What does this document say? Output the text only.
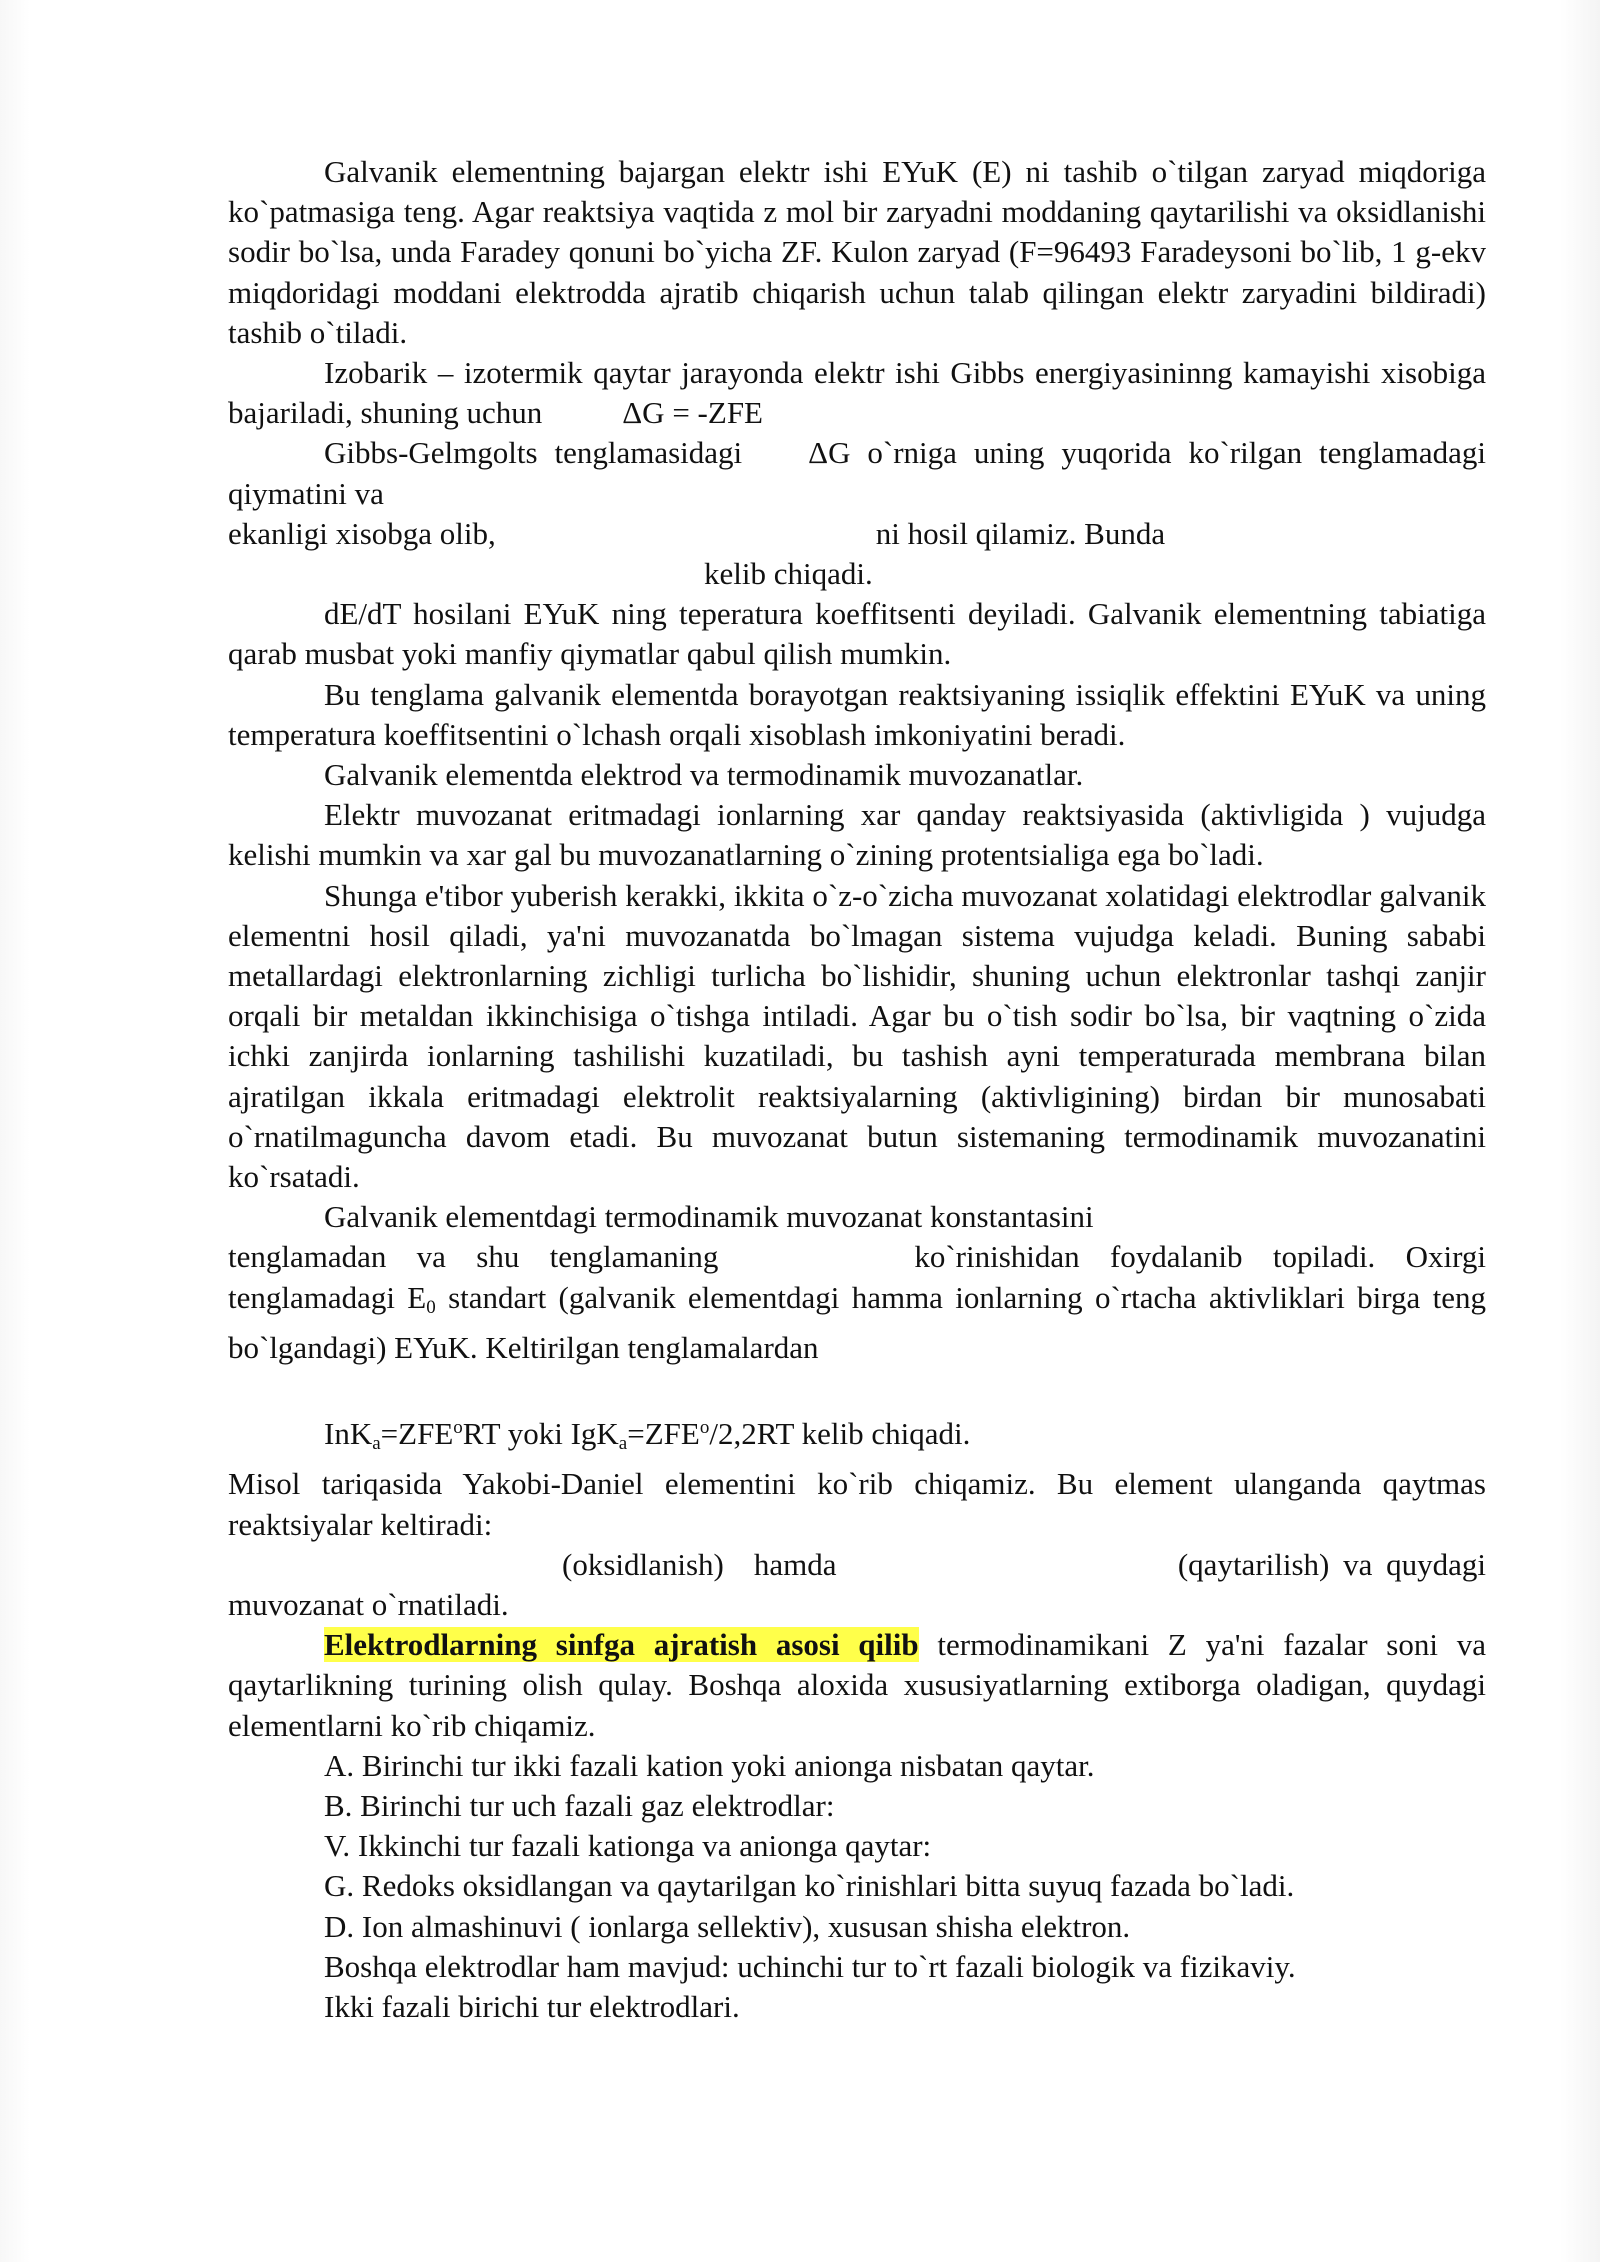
Galvanik elementning bajargan elektr ishi EYuK (E) ni tashib o`tilgan zaryad miqdoriga ko`patmasiga teng. Agar reaktsiya vaqtida z mol bir zaryadni moddaning qaytarilishi va oksidlanishi sodir bo`lsa, unda Faradey qonuni bo`yicha ZF. Kulon zaryad (F=96493 Faradeysoni bo`lib, 1 g-ekv miqdoridagi moddani elektrodda ajratib chiqarish uchun talab qilingan elektr zaryadini bildiradi) tashib o`tiladi.

Izobarik – izotermik qaytar jarayonda elektr ishi Gibbs energiyasininng kamayishi xisobiga bajariladi, shuning uchun	ΔG = -ZFE

Gibbs-Gelmgolts tenglamasidagi ΔG o`rniga uning yuqorida ko`rilgan tenglamadagi qiymatini va

ekanligi xisobga olib,	ni hosil qilamiz. Bunda

kelib chiqadi.

dE/dT hosilani EYuK ning teperatura koeffitsenti deyiladi. Galvanik elementning tabiatiga qarab musbat yoki manfiy qiymatlar qabul qilish mumkin.

Bu tenglama galvanik elementda borayotgan reaktsiyaning issiqlik effektini EYuK va uning temperatura koeffitsentini o`lchash orqali xisoblash imkoniyatini beradi.

Galvanik elementda elektrod va termodinamik muvozanatlar.

Elektr muvozanat eritmadagi ionlarning xar qanday reaktsiyasida (aktivligida ) vujudga kelishi mumkin va xar gal bu muvozanatlarning o`zining protentsialiga ega bo`ladi.

Shunga e'tibor yuberish kerakki, ikkita o`z-o`zicha muvozanat xolatidagi elektrodlar galvanik elementni hosil qiladi, ya'ni muvozanatda bo`lmagan sistema vujudga keladi. Buning sababi metallardagi elektronlarning zichligi turlicha bo`lishidir, shuning uchun elektronlar tashqi zanjir orqali bir metaldan ikkinchisiga o`tishga intiladi. Agar bu o`tish sodir bo`lsa, bir vaqtning o`zida ichki zanjirda ionlarning tashilishi kuzatiladi, bu tashish ayni temperaturada membrana bilan ajratilgan ikkala eritmadagi elektrolit reaktsiyalarning (aktivligining) birdan bir munosabati o`rnatilmaguncha davom etadi. Bu muvozanat butun sistemaning termodinamik muvozanatini ko`rsatadi.

Galvanik elementdagi termodinamik muvozanat konstantasini

tenglamadan va shu tenglamaning	ko`rinishidan foydalanib topiladi. Oxirgi tenglamadagi $E_0$ standart (galvanik elementdagi hamma ionlarning o`rtacha aktivliklari birga teng bo`lgandagi) EYuK. Keltirilgan tenglamalardan

$InK_a=ZFE^oRT$ yoki $IgK_a=ZFE^o/2,2RT$ kelib chiqadi.

Misol tariqasida Yakobi-Daniel elementini ko`rib chiqamiz. Bu element ulanganda qaytmas reaktsiyalar keltiradi:

(oksidlanish) hamda	(qaytarilish) va quydagi

muvozanat o`rnatiladi.

Elektrodlarning sinfga ajratish asosi qilib termodinamikani Z ya'ni fazalar soni va qaytarlikning turining olish qulay. Boshqa aloxida xususiyatlarning extiborga oladigan, quydagi elementlarni ko`rib chiqamiz.

A. Birinchi tur ikki fazali kation yoki anionga nisbatan qaytar.

B. Birinchi tur uch fazali gaz elektrodlar:

V. Ikkinchi tur fazali kationga va anionga qaytar:

G. Redoks oksidlangan va qaytarilgan ko`rinishlari bitta suyuq fazada bo`ladi.

D. Ion almashinuvi ( ionlarga sellektiv), xususan shisha elektron.

Boshqa elektrodlar ham mavjud: uchinchi tur to`rt fazali biologik va fizikaviy.

Ikki fazali birichi tur elektrodlari.
